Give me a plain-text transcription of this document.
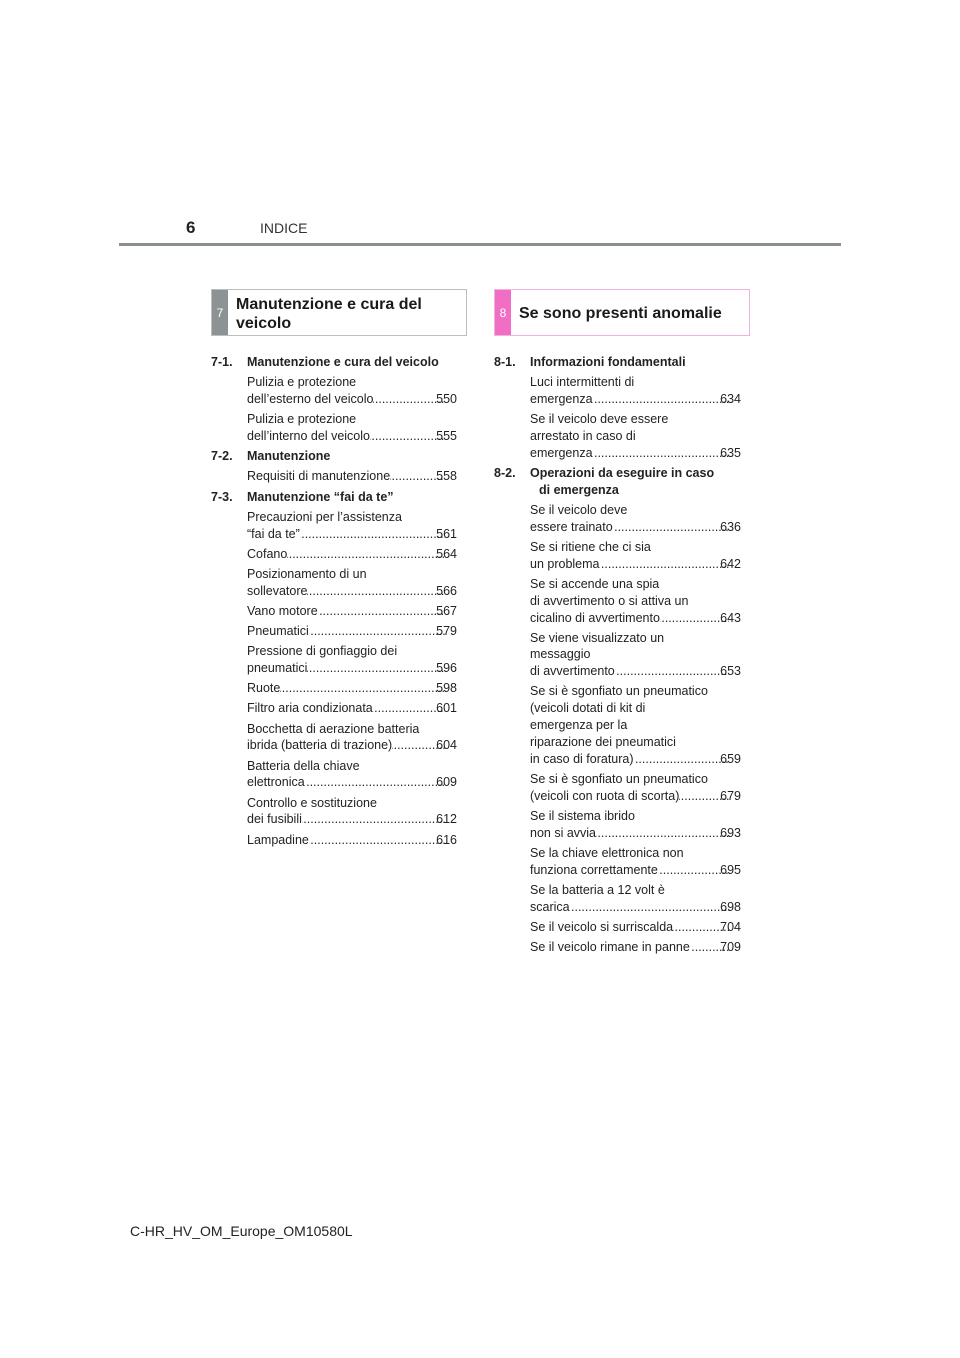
6	INDICE
7 Manutenzione e cura del
veicolo
8 Se sono presenti anomalie
7-1. Manutenzione e cura del veicolo
Pulizia e protezione
dell’esterno del veicolo .....	550
Pulizia e protezione
dell’interno del veicolo .....	555
7-2. Manutenzione
Requisiti di manutenzione .....	558
7-3. Manutenzione “fai da te”
Precauzioni per l’assistenza
“fai da te” .....	561
Cofano .....	564
Posizionamento di un
sollevatore .....	566
Vano motore .....	567
Pneumatici .....	579
Pressione di gonfiaggio dei
pneumatici .....	596
Ruote .....	598
Filtro aria condizionata .....	601
Bocchetta di aerazione batteria
ibrida (batteria di trazione) .....	604
Batteria della chiave
elettronica .....	609
Controllo e sostituzione
dei fusibili .....	612
Lampadine .....	616
8-1. Informazioni fondamentali
Luci intermittenti di
emergenza .....	634
Se il veicolo deve essere
arrestato in caso di
emergenza .....	635
8-2. Operazioni da eseguire in caso
di emergenza
Se il veicolo deve
essere trainato .....	636
Se si ritiene che ci sia
un problema .....	642
Se si accende una spia
di avvertimento o si attiva un
cicalino di avvertimento .....	643
Se viene visualizzato un
messaggio
di avvertimento .....	653
Se si è sgonfiato un pneumatico
(veicoli dotati di kit di
emergenza per la
riparazione dei pneumatici
in caso di foratura) .....	659
Se si è sgonfiato un pneumatico
(veicoli con ruota di scorta) .....	679
Se il sistema ibrido
non si avvia .....	693
Se la chiave elettronica non
funziona correttamente .....	695
Se la batteria a 12 volt è
scarica .....	698
Se il veicolo si surriscalda .....	704
Se il veicolo rimane in panne ..... 709
C-HR_HV_OM_Europe_OM10580L
